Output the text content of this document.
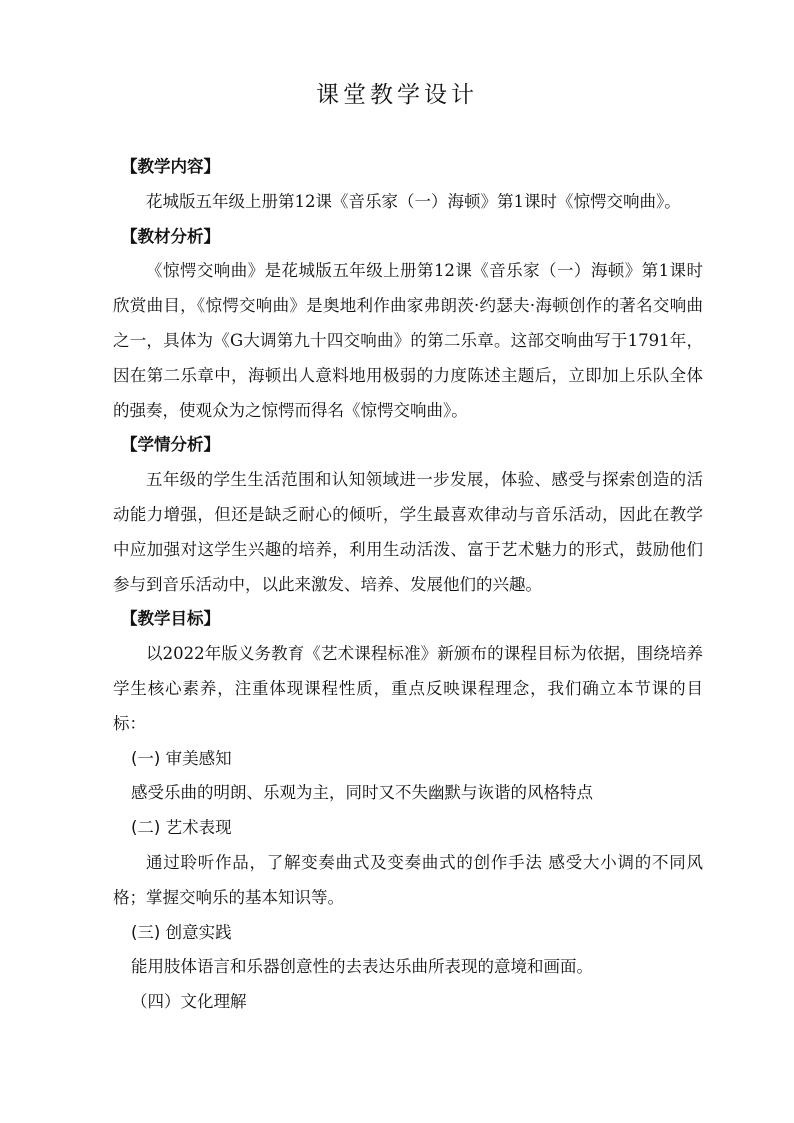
课堂教学设计

【教学内容】

花城版五年级上册第12课《音乐家（一）海顿》第1课时《惊愕交响曲》。

【教材分析】

《惊愕交响曲》是花城版五年级上册第12课《音乐家（一）海顿》第1课时欣赏曲目，《惊愕交响曲》是奥地利作曲家弗朗茨·约瑟夫·海顿创作的著名交响曲之一，具体为《G大调第九十四交响曲》的第二乐章。这部交响曲写于1791年，因在第二乐章中，海顿出人意料地用极弱的力度陈述主题后，立即加上乐队全体的强奏，使观众为之惊愕而得名《惊愕交响曲》。

【学情分析】

五年级的学生生活范围和认知领域进一步发展，体验、感受与探索创造的活动能力增强，但还是缺乏耐心的倾听，学生最喜欢律动与音乐活动，因此在教学中应加强对这学生兴趣的培养，利用生动活泼、富于艺术魅力的形式，鼓励他们参与到音乐活动中，以此来激发、培养、发展他们的兴趣。

【教学目标】

以2022年版义务教育《艺术课程标准》新颁布的课程目标为依据，围绕培养学生核心素养，注重体现课程性质，重点反映课程理念，我们确立本节课的目标：

(一) 审美感知

感受乐曲的明朗、乐观为主，同时又不失幽默与诙谐的风格特点

(二) 艺术表现

通过聆听作品，了解变奏曲式及变奏曲式的创作手法 感受大小调的不同风格；掌握交响乐的基本知识等。

(三) 创意实践

能用肢体语言和乐器创意性的去表达乐曲所表现的意境和画面。

（四）文化理解
